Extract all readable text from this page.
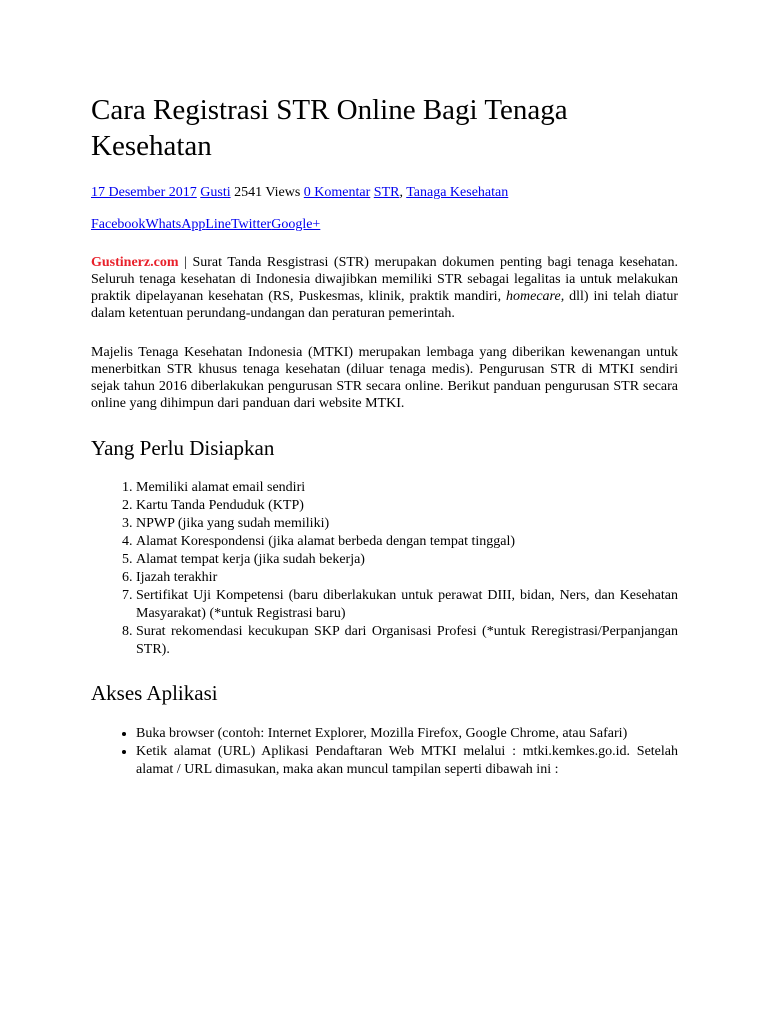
Cara Registrasi STR Online Bagi Tenaga Kesehatan
17 Desember 2017 Gusti 2541 Views 0 Komentar STR, Tanaga Kesehatan
FacebookWhatsAppLineTwitterGoogle+

Gustinerz.com | Surat Tanda Resgistrasi (STR) merupakan dokumen penting bagi tenaga kesehatan. Seluruh tenaga kesehatan di Indonesia diwajibkan memiliki STR sebagai legalitas ia untuk melakukan praktik dipelayanan kesehatan (RS, Puskesmas, klinik, praktik mandiri, homecare, dll) ini telah diatur dalam ketentuan perundang-undangan dan peraturan pemerintah.

Majelis Tenaga Kesehatan Indonesia (MTKI) merupakan lembaga yang diberikan kewenangan untuk menerbitkan STR khusus tenaga kesehatan (diluar tenaga medis). Pengurusan STR di MTKI sendiri sejak tahun 2016 diberlakukan pengurusan STR secara online. Berikut panduan pengurusan STR secara online yang dihimpun dari panduan dari website MTKI.

Yang Perlu Disiapkan
1. Memiliki alamat email sendiri
2. Kartu Tanda Penduduk (KTP)
3. NPWP (jika yang sudah memiliki)
4. Alamat Korespondensi (jika alamat berbeda dengan tempat tinggal)
5. Alamat tempat kerja (jika sudah bekerja)
6. Ijazah terakhir
7. Sertifikat Uji Kompetensi (baru diberlakukan untuk perawat DIII, bidan, Ners, dan Kesehatan Masyarakat) (*untuk Registrasi baru)
8. Surat rekomendasi kecukupan SKP dari Organisasi Profesi (*untuk Reregistrasi/Perpanjangan STR).
Akses Aplikasi
• Buka browser (contoh: Internet Explorer, Mozilla Firefox, Google Chrome, atau Safari)
• Ketik alamat (URL) Aplikasi Pendaftaran Web MTKI melalui : mtki.kemkes.go.id. Setelah alamat / URL dimasukan, maka akan muncul tampilan seperti dibawah ini :
